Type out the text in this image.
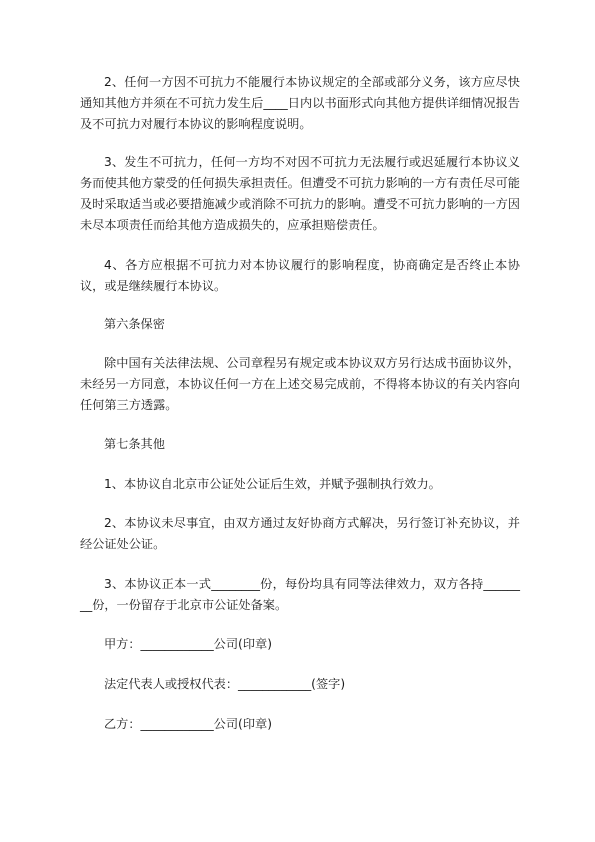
2、任何一方因不可抗力不能履行本协议规定的全部或部分义务，该方应尽快通知其他方并须在不可抗力发生后____日内以书面形式向其他方提供详细情况报告及不可抗力对履行本协议的影响程度说明。

3、发生不可抗力，任何一方均不对因不可抗力无法履行或迟延履行本协议义务而使其他方蒙受的任何损失承担责任。但遭受不可抗力影响的一方有责任尽可能及时采取适当或必要措施减少或消除不可抗力的影响。遭受不可抗力影响的一方因未尽本项责任而给其他方造成损失的，应承担赔偿责任。

4、各方应根据不可抗力对本协议履行的影响程度，协商确定是否终止本协议，或是继续履行本协议。

第六条保密

除中国有关法律法规、公司章程另有规定或本协议双方另行达成书面协议外，未经另一方同意，本协议任何一方在上述交易完成前，不得将本协议的有关内容向任何第三方透露。

第七条其他

1、本协议自北京市公证处公证后生效，并赋予强制执行效力。

2、本协议未尽事宜，由双方通过友好协商方式解决，另行签订补充协议，并经公证处公证。

3、本协议正本一式________份，每份均具有同等法律效力，双方各持________份，一份留存于北京市公证处备案。

甲方：____________公司(印章)

法定代表人或授权代表：____________(签字)

乙方：____________公司(印章)
